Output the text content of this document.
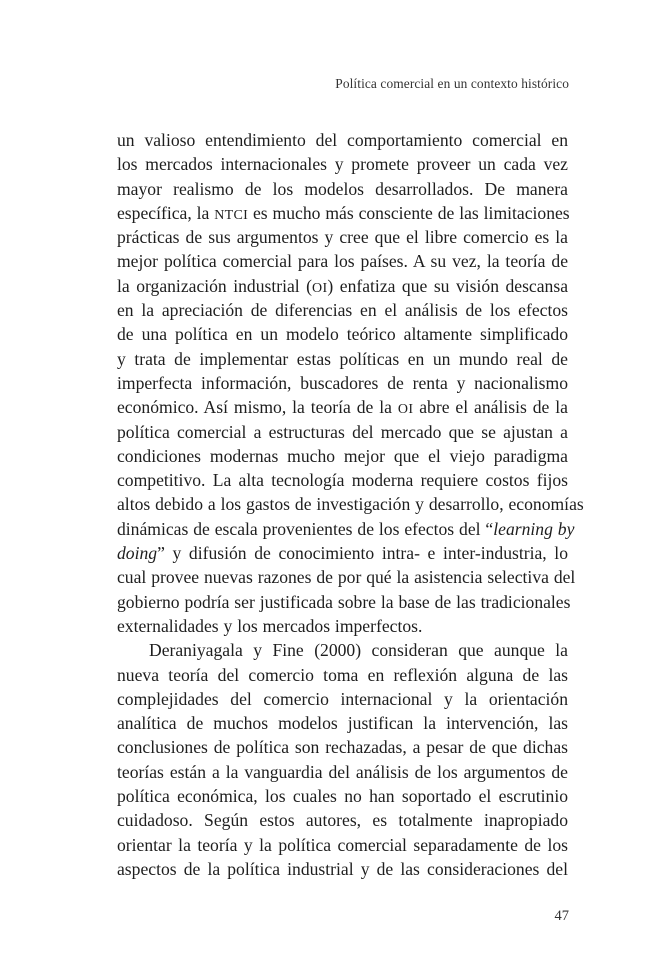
Política comercial en un contexto histórico
un valioso entendimiento del comportamiento comercial en
los mercados internacionales y promete proveer un cada vez
mayor realismo de los modelos desarrollados. De manera
específica, la NTCI es mucho más consciente de las limitaciones
prácticas de sus argumentos y cree que el libre comercio es la
mejor política comercial para los países. A su vez, la teoría de
la organización industrial (OI) enfatiza que su visión descansa
en la apreciación de diferencias en el análisis de los efectos
de una política en un modelo teórico altamente simplificado
y trata de implementar estas políticas en un mundo real de
imperfecta información, buscadores de renta y nacionalismo
económico. Así mismo, la teoría de la OI abre el análisis de la
política comercial a estructuras del mercado que se ajustan a
condiciones modernas mucho mejor que el viejo paradigma
competitivo. La alta tecnología moderna requiere costos fijos
altos debido a los gastos de investigación y desarrollo, economías
dinámicas de escala provenientes de los efectos del “learning by
doing” y difusión de conocimiento intra- e inter-industria, lo
cual provee nuevas razones de por qué la asistencia selectiva del
gobierno podría ser justificada sobre la base de las tradicionales
externalidades y los mercados imperfectos.
Deraniyagala y Fine (2000) consideran que aunque la
nueva teoría del comercio toma en reflexión alguna de las
complejidades del comercio internacional y la orientación
analítica de muchos modelos justifican la intervención, las
conclusiones de política son rechazadas, a pesar de que dichas
teorías están a la vanguardia del análisis de los argumentos de
política económica, los cuales no han soportado el escrutinio
cuidadoso. Según estos autores, es totalmente inapropiado
orientar la teoría y la política comercial separadamente de los
aspectos de la política industrial y de las consideraciones del
47
